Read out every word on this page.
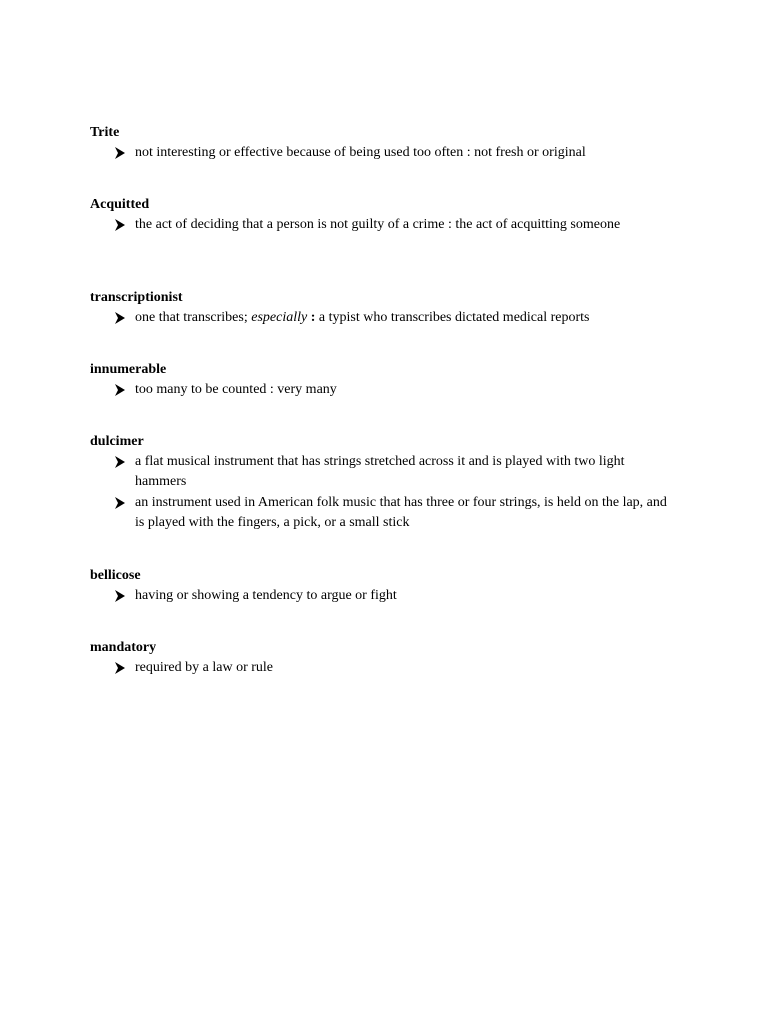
Trite
not interesting or effective because of being used too often : not fresh or original
Acquitted
the act of deciding that a person is not guilty of a crime : the act of acquitting someone
transcriptionist
one that transcribes; especially : a typist who transcribes dictated medical reports
innumerable
too many to be counted : very many
dulcimer
a flat musical instrument that has strings stretched across it and is played with two light hammers
an instrument used in American folk music that has three or four strings, is held on the lap, and is played with the fingers, a pick, or a small stick
bellicose
having or showing a tendency to argue or fight
mandatory
required by a law or rule
